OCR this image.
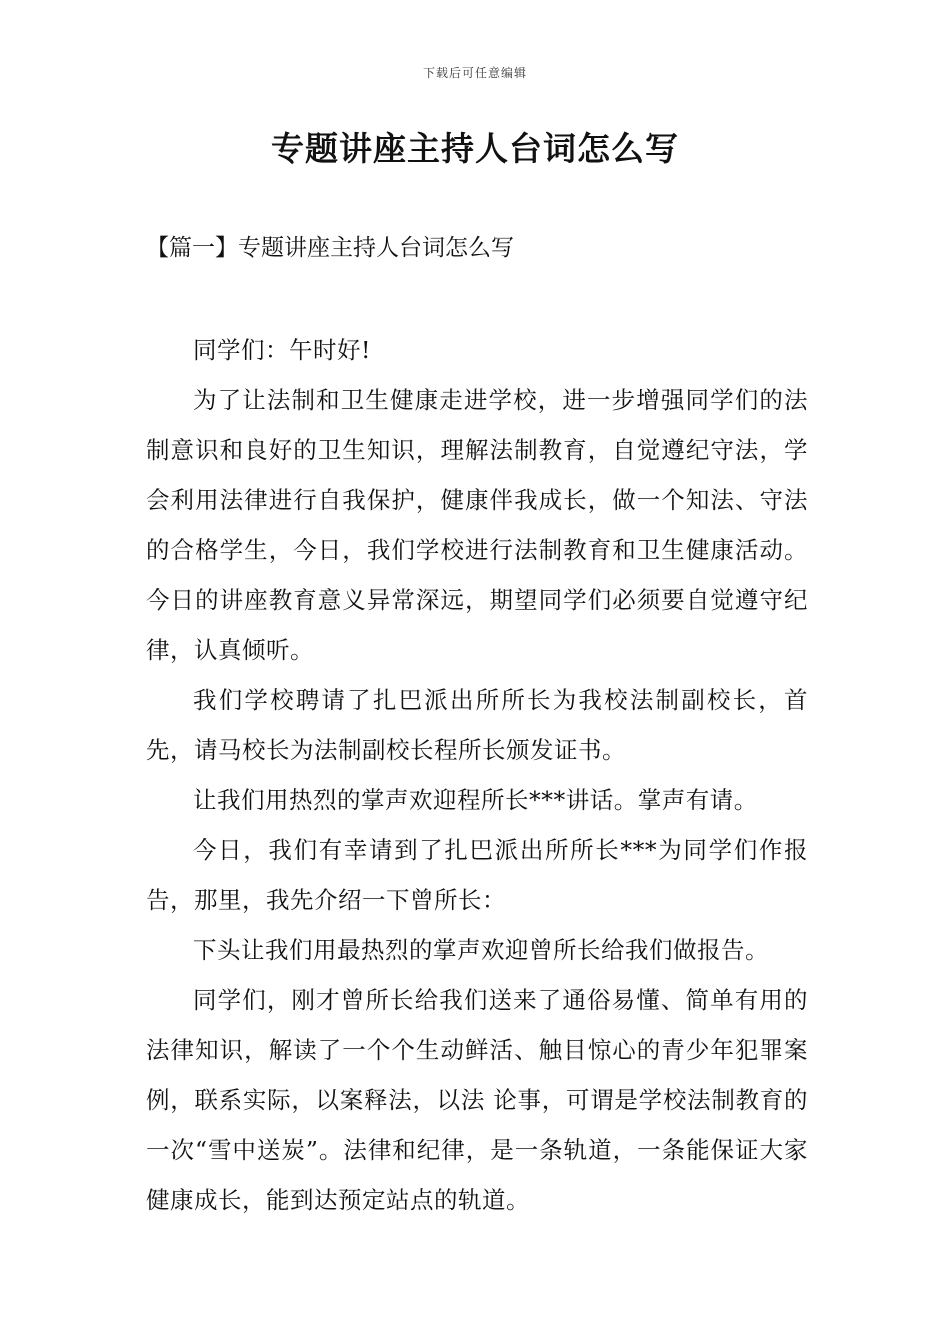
下载后可任意编辑
专题讲座主持人台词怎么写
【篇一】专题讲座主持人台词怎么写

同学们：午时好!

为了让法制和卫生健康走进学校，进一步增强同学们的法制意识和良好的卫生知识，理解法制教育，自觉遵纪守法，学会利用法律进行自我保护，健康伴我成长，做一个知法、守法的合格学生，今日，我们学校进行法制教育和卫生健康活动。今日的讲座教育意义异常深远，期望同学们必须要自觉遵守纪律，认真倾听。

我们学校聘请了扎巴派出所所长为我校法制副校长，首先，请马校长为法制副校长程所长颁发证书。

让我们用热烈的掌声欢迎程所长***讲话。掌声有请。

今日，我们有幸请到了扎巴派出所所长***为同学们作报告，那里，我先介绍一下曾所长：

下头让我们用最热烈的掌声欢迎曾所长给我们做报告。

同学们，刚才曾所长给我们送来了通俗易懂、简单有用的法律知识，解读了一个个生动鲜活、触目惊心的青少年犯罪案例，联系实际，以案释法，以法 论事，可谓是学校法制教育的一次“雪中送炭”。法律和纪律，是一条轨道，一条能保证大家健康成长，能到达预定站点的轨道。
